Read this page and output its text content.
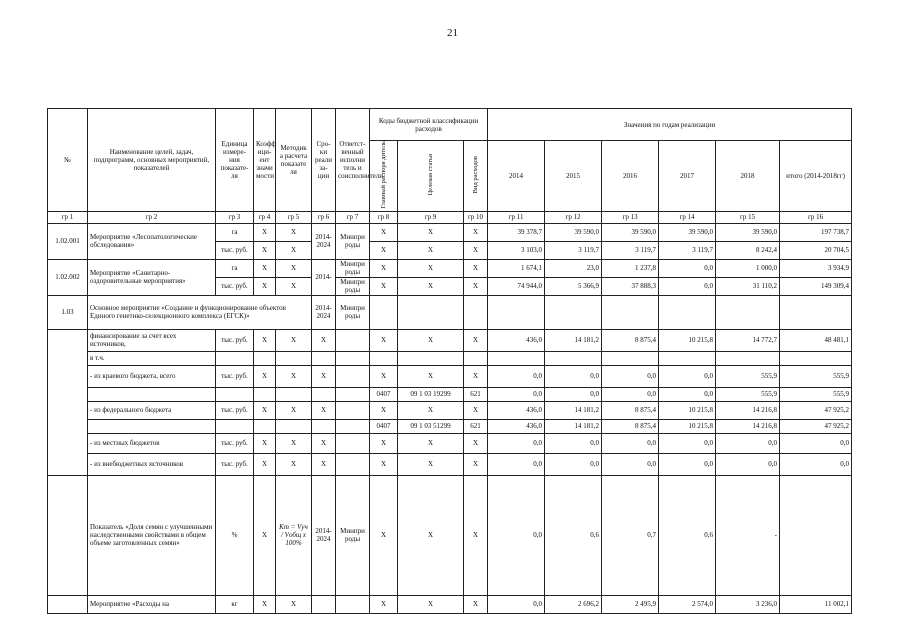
21
№	Наименование целей, задач, подпрограмм, основных мероприятий, показателей	Единица измере-ния показате-ля	Коэфф ици-ент значи мости	Методик а расчета показате ля	Сро-ки реали за-ции	Ответст-венный исполни тель и соисполнители	Коды бюджетной классификации расходов			Значения по годам реализации					
							Главный распоря дитель	Целевая статья	Вид расходов	2014	2015	2016	2017	2018	итого (2014-2018гг)
гр 1	гр 2	гр 3	гр 4	гр 5	гр 6	гр 7	гр 8	гр 9	гр 10	гр 11	гр 12	гр 13	гр 14	гр 15	гр 16
1.02.001	Мероприятие «Лесопатологические обследования»	га	X	X	2014-2024	Минпри роды	X	X	X	39 378,7	39 590,0	39 590,0	39 590,0	39 590,0	197 738,7
		тыс. руб.	X	X			X	X	X	3 103,0	3 119,7	3 119,7	3 119,7	8 242,4	20 704,5
1.02.002	Мероприятие «Санитарно-оздоровительные мероприятия»	га	X	X	2014-	Минпри роды	X	X	X	1 674,1	23,0	1 237,8	0,0	1 000,0	3 934,9
		тыс. руб.	X	X		Минпри роды	X	X	X	74 944,0	5 366,9	37 888,3	0,0	31 110,2	149 309,4
1.03	Основное мероприятие «Создание и функционирование объектов Единого генетико-селекционного комплекса (ЕГСК)»				2014-2024	Минпри роды									
	финансирование за счет всех источников,	тыс. руб.	X	X	X		X	X	X	436,0	14 181,2	8 875,4	10 215,8	14 772,7	48 481,1
	в т.ч.														
	- из краевого бюджета, всего	тыс. руб.	X	X	X		X	X	X	0,0	0,0	0,0	0,0	555,9	555,9
							0407	09 1 03 19299	621	0,0	0,0	0,0	0,0	555,9	555,9
	- из федерального бюджета	тыс. руб.	X	X	X		X	X	X	436,0	14 181,2	8 875,4	10 215,8	14 216,8	47 925,2
							0407	09 1 03 51299	621	436,0	14 181,2	8 875,4	10 215,8	14 216,8	47 925,2
	- из местных бюджетов	тыс. руб.	X	X	X		X	X	X	0,0	0,0	0,0	0,0	0,0	0,0
	- из внебюджетных источников	тыс. руб.	X	X	X		X	X	X	0,0	0,0	0,0	0,0	0,0	0,0
	Показатель «Доля семян с улучшенными наследственными свойствами в общем объеме заготовленных семян»	%	X	Кт = Vуч / Vобщ x 100%	2014-2024	Минпри роды	X	X	X	0,0	0,6	0,7	0,6	-	
	Мероприятие «Расходы на	кг	X	X			X	X	X	0,0	2 696,2	2 495,9	2 574,0	3 236,0	11 002,1
